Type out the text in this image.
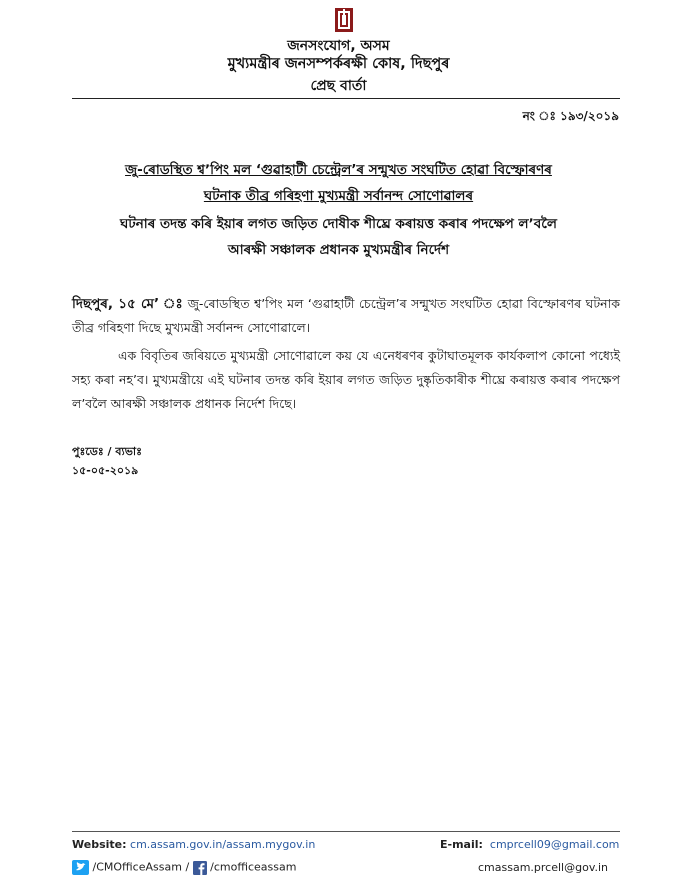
জনসংযোগ, অসম
মুখ্যমন্ত্ৰীৰ জনসম্পৰ্কৰক্ষী কোষ, দিছপুৰ
প্ৰেছ বাৰ্তা
নং ঃ ১৯৩/২০১৯
জু-ৰোডস্থিত শ্বʼপিং মল ‘গুৱাহাটী চেন্ট্ৰেল’ৰ সন্মুখত সংঘটিত হোৱা বিস্ফোৰণৰ
ঘটনাক তীব্ৰ গৰিহণা মুখ্যমন্ত্ৰী সৰ্বানন্দ সোণোৱালৰ
ঘটনাৰ তদন্ত কৰি ইয়াৰ লগত জড়িত দোষীক শীঘ্ৰে কৰায়ত্ত কৰাৰ পদক্ষেপ লʼবলৈ
আৰক্ষী সঞ্চালক প্ৰধানক মুখ্যমন্ত্ৰীৰ নিৰ্দেশ
দিছপুৰ, ১৫ মে’ ঃ জু-ৰোডস্থিত শ্বʼপিং মল ‘গুৱাহাটী চেন্ট্ৰেল’ৰ সন্মুখত সংঘটিত হোৱা বিস্ফোৰণৰ ঘটনাক তীব্ৰ গৰিহণা দিছে মুখ্যমন্ত্ৰী সৰ্বানন্দ সোণোৱালে।
এক বিবৃতিৰ জৰিয়তে মুখ্যমন্ত্ৰী সোণোৱালে কয় যে এনেধৰণৰ কুটাঘাতমূলক কাৰ্যকলাপ কোনো পধ্যেই সহ্য কৰা নহʼব। মুখ্যমন্ত্ৰীয়ে এই ঘটনাৰ তদন্ত কৰি ইয়াৰ লগত জড়িত দুষ্কৃতিকাৰীক শীঘ্ৰে কৰায়ত্ত কৰাৰ পদক্ষেপ লʼবলৈ আৰক্ষী সঞ্চালক প্ৰধানক নিৰ্দেশ দিছে।
পুঃডেঃ / ব্যভাঃ
১৫-০৫-২০১৯
Website: cm.assam.gov.in/assam.mygov.in	E-mail: cmprcell09@gmail.com
/CMOfficeAssam / /cmofficeassam	cmassam.prcell@gov.in
